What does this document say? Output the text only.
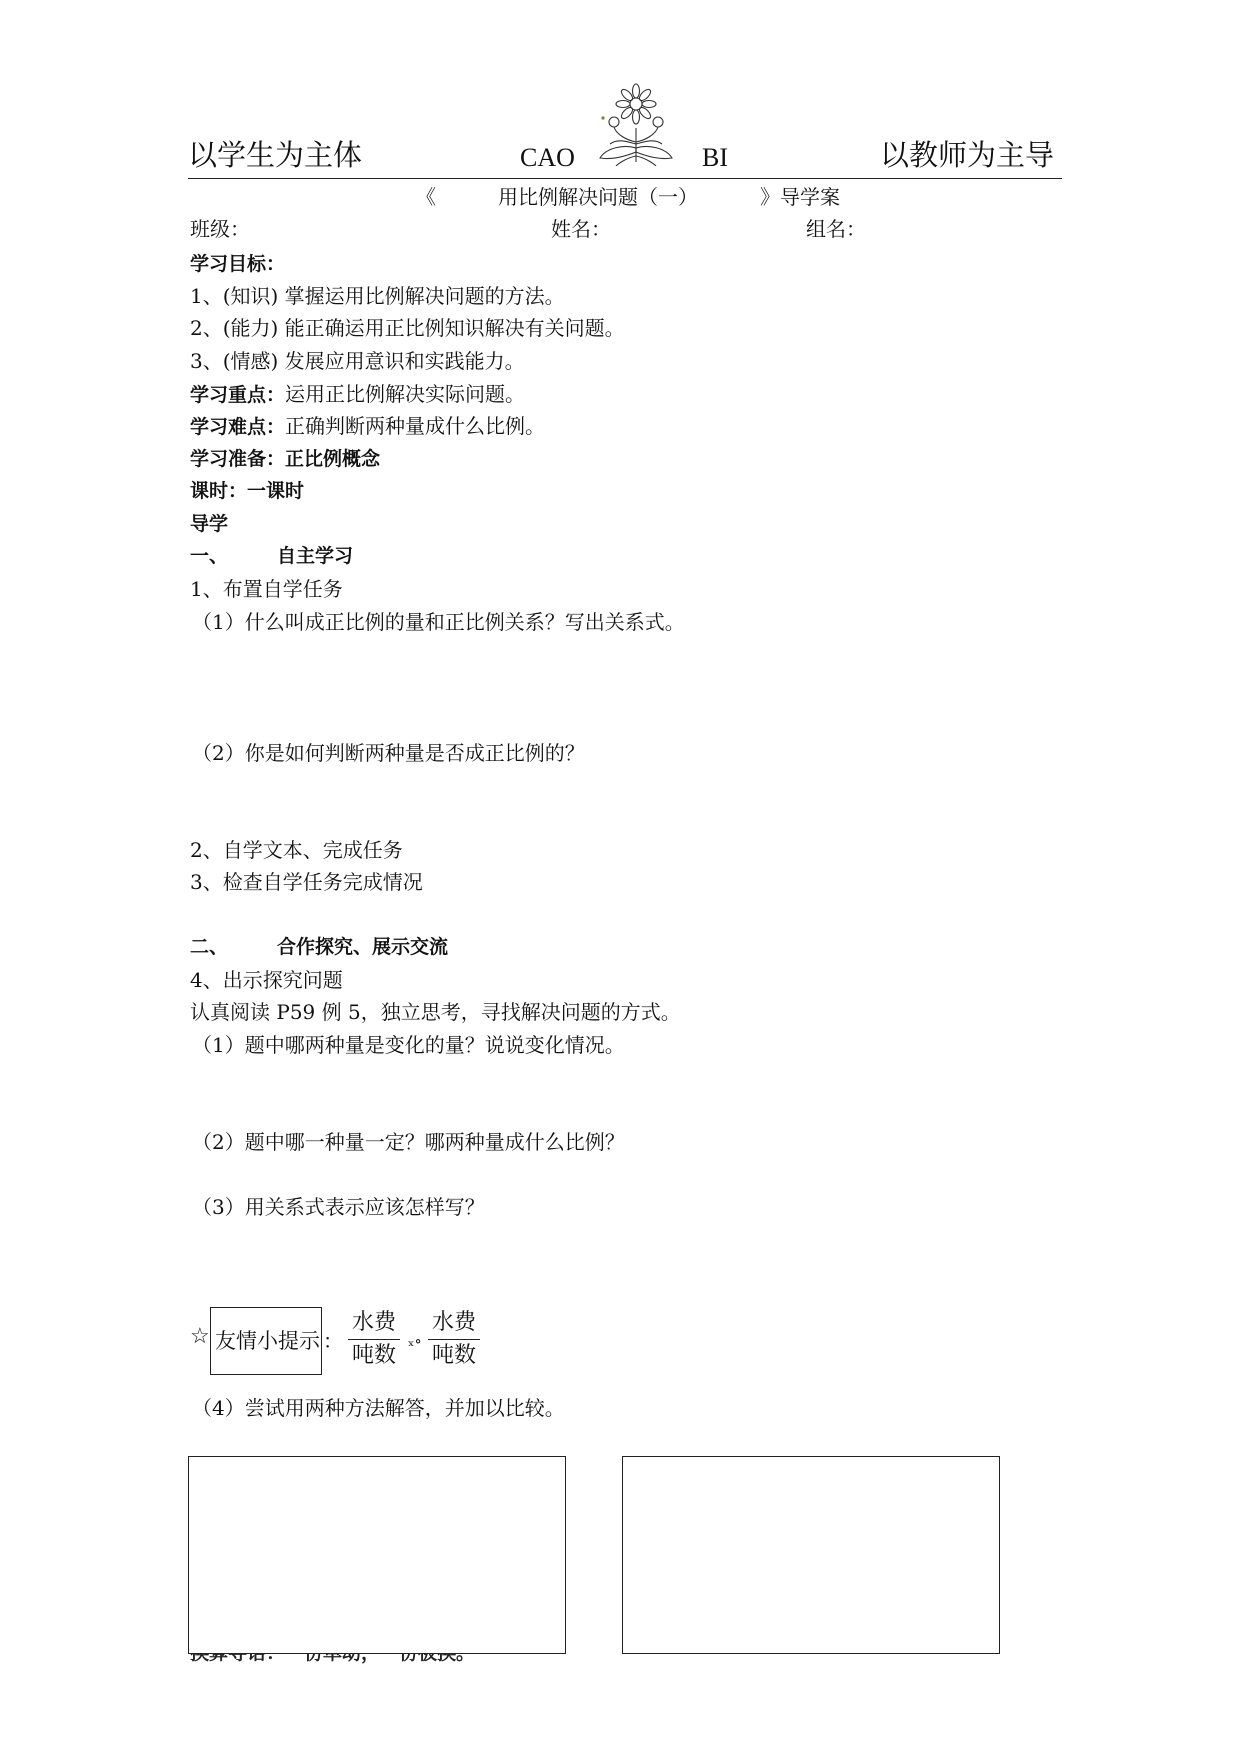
以学生为主体	CAO	BI	以教师为主导
《	用比例解决问题（一）	》导学案
班级：	姓名：	组名：
学习目标：
1、(知识) 掌握运用比例解决问题的方法。
2、(能力) 能正确运用正比例知识解决有关问题。
3、(情感) 发展应用意识和实践能力。
学习重点：运用正比例解决实际问题。
学习难点：正确判断两种量成什么比例。
学习准备：正比例概念
课时：一课时
导学
一、	自主学习
1、布置自学任务
（1）什么叫成正比例的量和正比例关系？写出关系式。
（2）你是如何判断两种量是否成正比例的？
2、自学文本、完成任务
3、检查自学任务完成情况
二、	合作探究、展示交流
4、出示探究问题
认真阅读 P59 例 5，独立思考，寻找解决问题的方式。
（1）题中哪两种量是变化的量？说说变化情况。
（2）题中哪一种量一定？哪两种量成什么比例？
（3）用关系式表示应该怎样写？
☆ 友情小提示 ：
水费
吨数
ₓ∘
水费
吨数
（4）尝试用两种方法解答，并加以比较。
